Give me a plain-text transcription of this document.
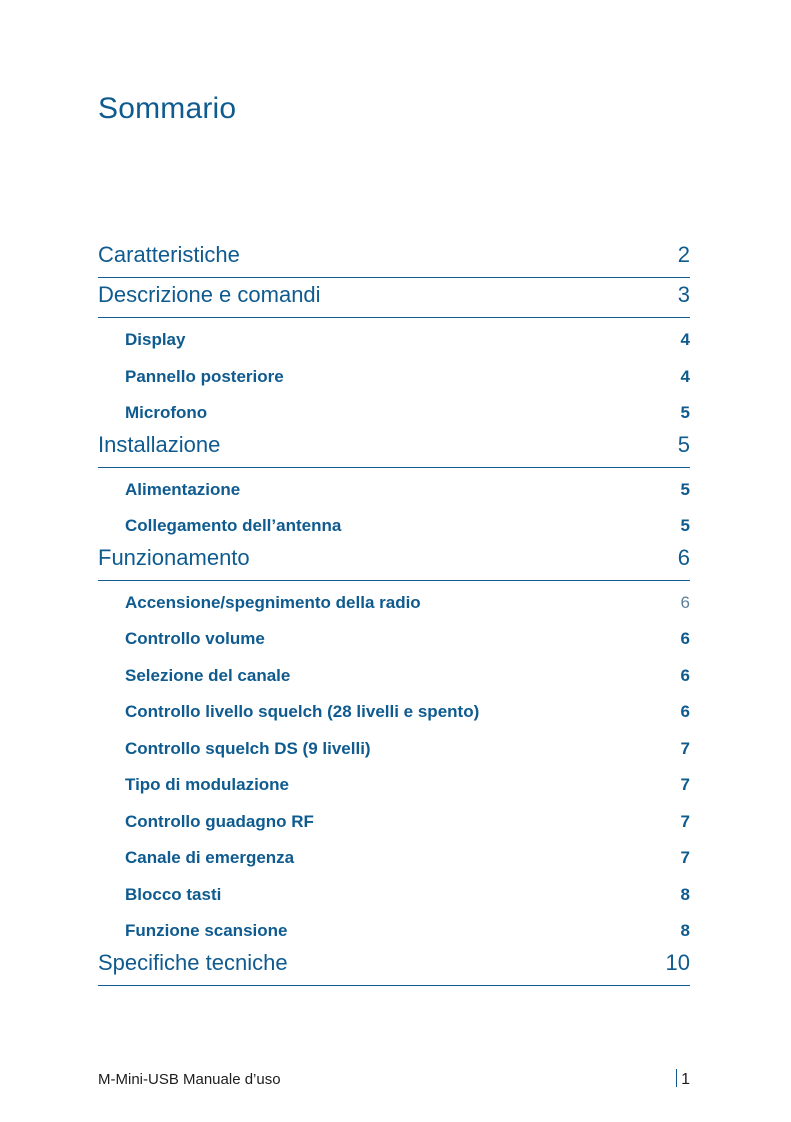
Sommario
Caratteristiche	2
Descrizione e comandi	3
Display	4
Pannello posteriore	4
Microfono	5
Installazione	5
Alimentazione	5
Collegamento dell’antenna	5
Funzionamento	6
Accensione/spegnimento della radio	6
Controllo volume	6
Selezione del canale	6
Controllo livello squelch (28 livelli e spento)	6
Controllo squelch DS (9 livelli)	7
Tipo di modulazione	7
Controllo guadagno RF	7
Canale di emergenza	7
Blocco tasti	8
Funzione scansione	8
Specifiche tecniche	10
M-Mini-USB Manuale d’uso	1
